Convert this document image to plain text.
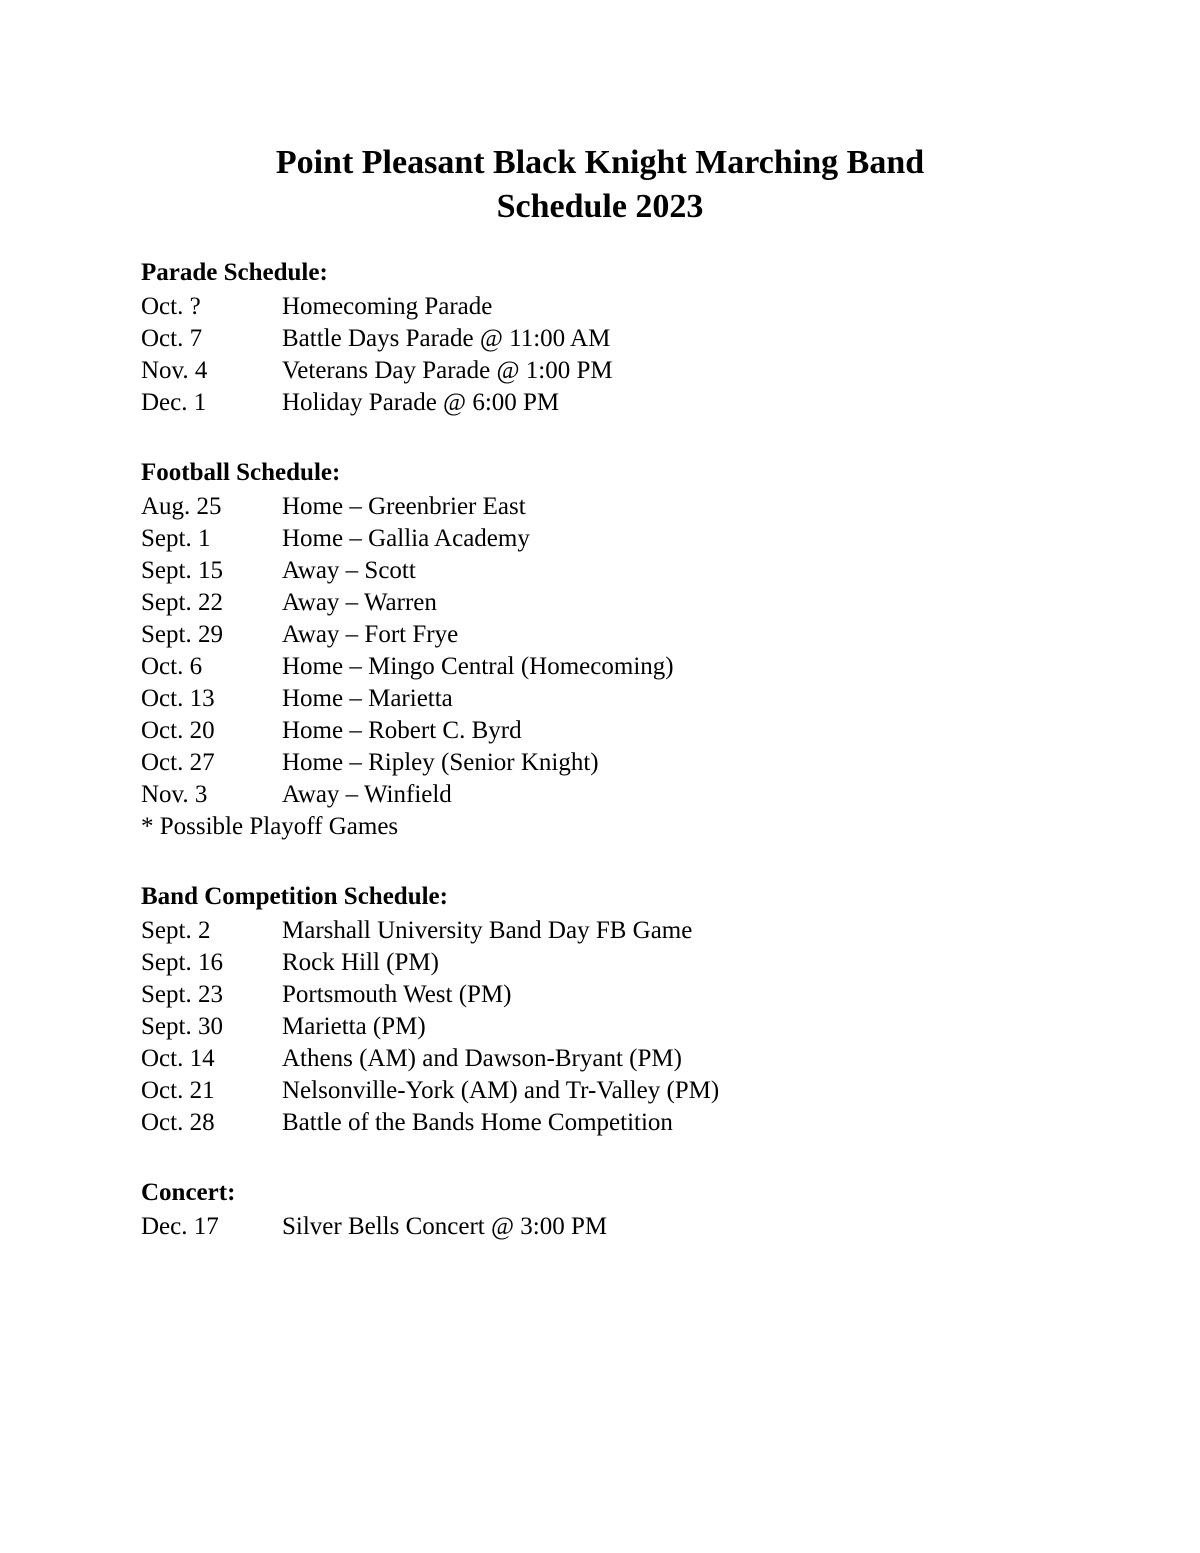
Point Pleasant Black Knight Marching Band

Schedule 2023

Parade Schedule:

Oct. ?	Homecoming Parade
Oct. 7	Battle Days Parade @ 11:00 AM
Nov. 4	Veterans Day Parade @ 1:00 PM
Dec. 1	Holiday Parade @ 6:00 PM

Football Schedule:

Aug. 25	Home – Greenbrier East
Sept. 1	Home – Gallia Academy
Sept. 15	Away – Scott
Sept. 22	Away – Warren
Sept. 29	Away – Fort Frye
Oct. 6	Home – Mingo Central (Homecoming)
Oct. 13	Home – Marietta
Oct. 20	Home – Robert C. Byrd
Oct. 27	Home – Ripley (Senior Knight)
Nov. 3	Away – Winfield
* Possible Playoff Games

Band Competition Schedule:

Sept. 2	Marshall University Band Day FB Game
Sept. 16	Rock Hill (PM)
Sept. 23	Portsmouth West (PM)
Sept. 30	Marietta (PM)
Oct. 14	Athens (AM) and Dawson-Bryant (PM)
Oct. 21	Nelsonville-York (AM) and Tr-Valley (PM)
Oct. 28	Battle of the Bands Home Competition

Concert:

Dec. 17	Silver Bells Concert @ 3:00 PM
